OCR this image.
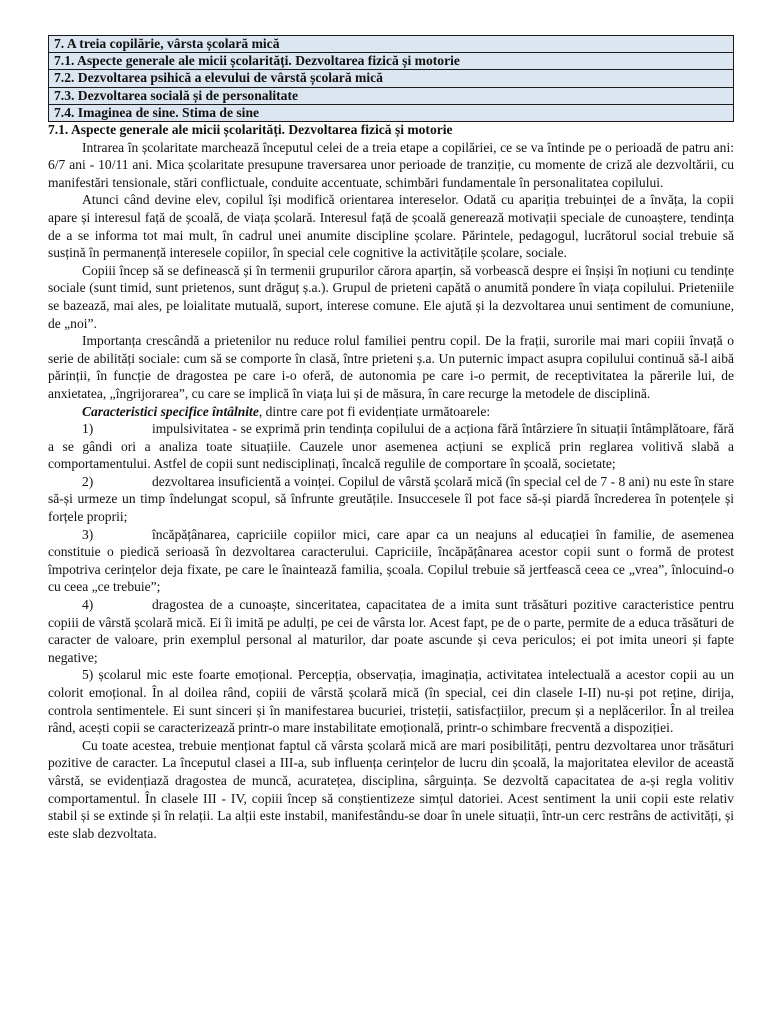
7. A treia copilărie, vârsta școlară mică
7.1. Aspecte generale ale micii școlarități. Dezvoltarea fizică și motorie
7.2. Dezvoltarea psihică a elevului de vârstă școlară mică
7.3. Dezvoltarea socială și de personalitate
7.4. Imaginea de sine. Stima de sine

7.1. Aspecte generale ale micii școlarități. Dezvoltarea fizică și motorie

Intrarea în școlaritate marchează începutul celei de a treia etape a copilăriei, ce se va întinde pe o perioadă de patru ani: 6/7 ani - 10/11 ani. Mica școlaritate presupune traversarea unor perioade de tranziție, cu momente de criză ale dezvoltării, cu manifestări tensionale, stări conflictuale, conduite accentuate, schimbări fundamentale în personalitatea copilului.

Atunci când devine elev, copilul își modifică orientarea intereselor. Odată cu apariția trebuinței de a învăța, la copii apare și interesul față de școală, de viața școlară. Interesul față de școală generează motivații speciale de cunoaștere, tendința de a se informa tot mai mult, în cadrul unei anumite discipline școlare. Părintele, pedagogul, lucrătorul social trebuie să susțină în permanență interesele copiilor, în special cele cognitive la activitățile școlare, sociale.

Copiii încep să se definească și în termenii grupurilor cărora aparțin, să vorbească despre ei înșiși în noțiuni cu tendințe sociale (sunt timid, sunt prietenos, sunt drăguț ș.a.). Grupul de prieteni capătă o anumită pondere în viața copilului. Prieteniile se bazează, mai ales, pe loialitate mutuală, suport, interese comune. Ele ajută și la dezvoltarea unui sentiment de comuniune, de „noi”.

Importanța crescândă a prietenilor nu reduce rolul familiei pentru copil. De la frații, surorile mai mari copiii învață o serie de abilități sociale: cum să se comporte în clasă, între prieteni ș.a. Un puternic impact asupra copilului continuă să-l aibă părinții, în funcție de dragostea pe care i-o oferă, de autonomia pe care i-o permit, de receptivitatea la părerile lui, de anxietatea, „îngrijorarea”, cu care se implică în viața lui și de măsura, în care recurge la metodele de disciplină.

Caracteristici specifice întâlnite, dintre care pot fi evidențiate următoarele:

1)	impulsivitatea - se exprimă prin tendința copilului de a acționa fără întârziere în situații întâmplătoare, fără a se gândi ori a analiza toate situațiile. Cauzele unor asemenea acțiuni se explică prin reglarea volitivă slabă a comportamentului. Astfel de copii sunt nedisciplinați, încalcă regulile de comportare în școală, societate;

2)	dezvoltarea insuficientă a voinței. Copilul de vârstă școlară mică (în special cel de 7 - 8 ani) nu este în stare să-și urmeze un timp îndelungat scopul, să înfrunte greutățile. Insuccesele îl pot face să-și piardă încrederea în potențele și forțele proprii;

3)	încăpățânarea, capriciile copiilor mici, care apar ca un neajuns al educației în familie, de asemenea constituie o piedică serioasă în dezvoltarea caracterului. Capriciile, încăpățânarea acestor copii sunt o formă de protest împotriva cerințelor deja fixate, pe care le înaintează familia, școala. Copilul trebuie să jertfească ceea ce „vrea”, înlocuind-o cu ceea „ce trebuie”;

4)	dragostea de a cunoaște, sinceritatea, capacitatea de a imita sunt trăsături pozitive caracteristice pentru copiii de vârstă școlară mică. Ei îi imită pe adulți, pe cei de vârsta lor. Acest fapt, pe de o parte, permite de a educa trăsături de caracter de valoare, prin exemplul personal al maturilor, dar poate ascunde și ceva periculos; ei pot imita uneori și fapte negative;

5) școlarul mic este foarte emoțional. Percepția, observația, imaginația, activitatea intelectuală a acestor copii au un colorit emoțional. În al doilea rând, copiii de vârstă școlară mică (în special, cei din clasele I-II) nu-și pot reține, dirija, controla sentimentele. Ei sunt sinceri și în manifestarea bucuriei, tristeții, satisfacțiilor, precum și a neplăcerilor. În al treilea rând, acești copii se caracterizează printr-o mare instabilitate emoțională, printr-o schimbare frecventă a dispoziției.

Cu toate acestea, trebuie menționat faptul că vârsta școlară mică are mari posibilități, pentru dezvoltarea unor trăsături pozitive de caracter. La începutul clasei a III-a, sub influența cerințelor de lucru din școală, la majoritatea elevilor de această vârstă, se evidențiază dragostea de muncă, acuratețea, disciplina, sârguința. Se dezvoltă capacitatea de a-și regla volitiv comportamentul. În clasele III - IV, copiii încep să conștientizeze simțul datoriei. Acest sentiment la unii copii este relativ stabil și se extinde și în relații. La alții este instabil, manifestându-se doar în unele situații, într-un cerc restrâns de activități, și este slab dezvoltata.
